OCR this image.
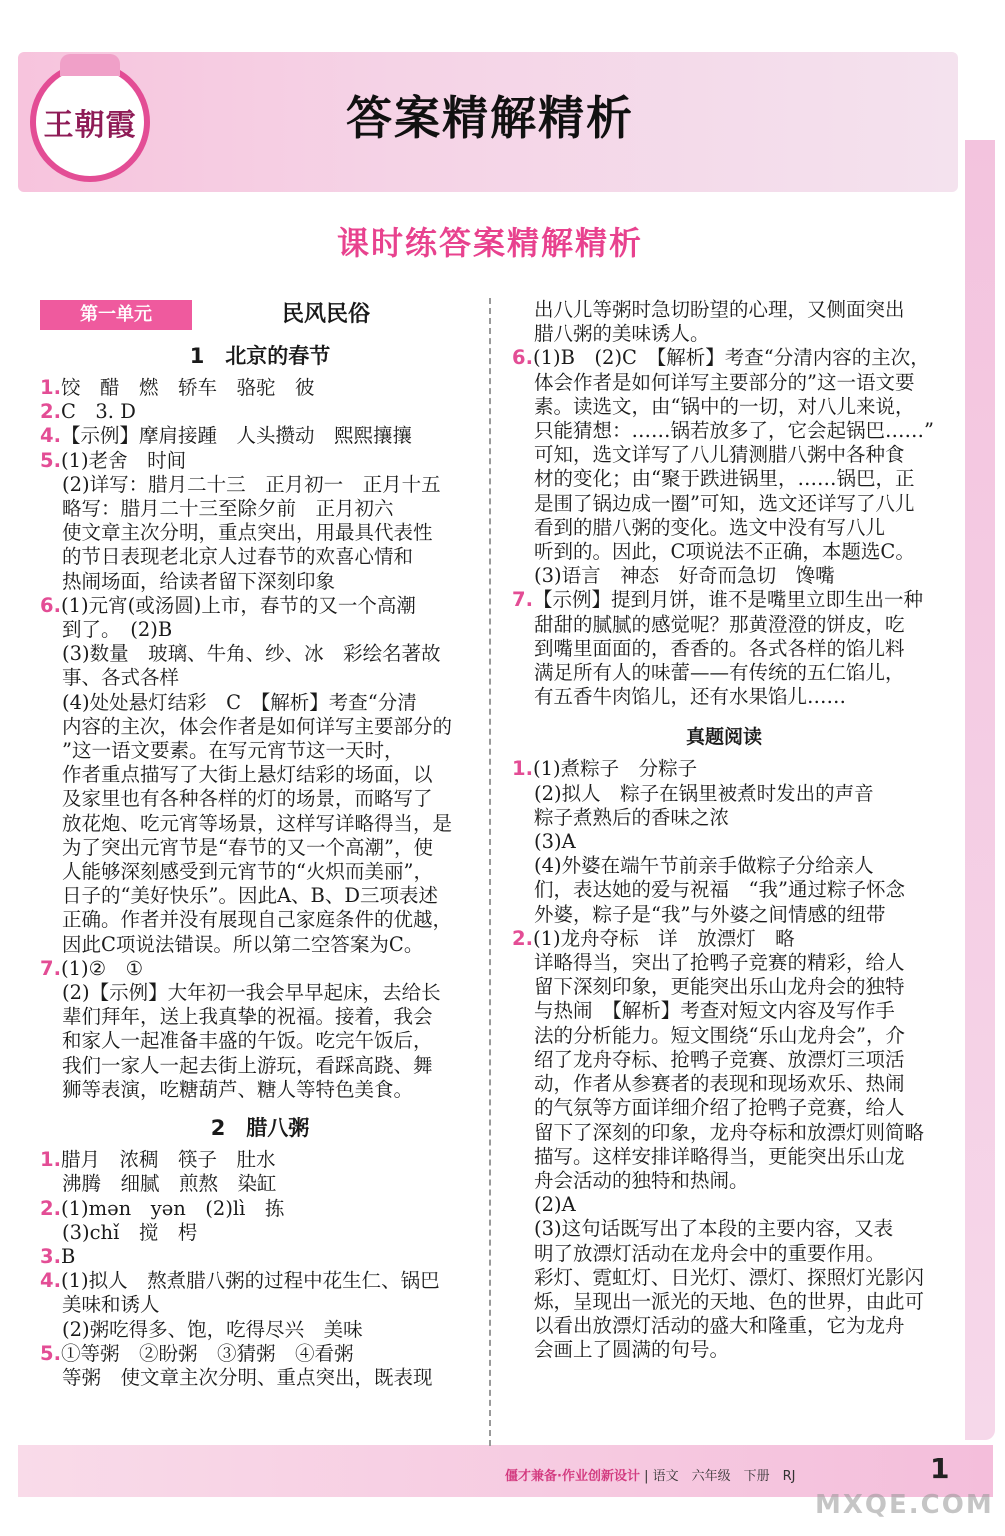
王朝霞	答案精解精析
课时练答案精解精析
第一单元	民风民俗
1　北京的春节
1.饺　醋　燃　轿车　骆驼　彼
2.C　3. D
4.【示例】摩肩接踵　人头攒动　熙熙攘攘
5.(1)老舍　时间
(2)详写：腊月二十三　正月初一　正月十五
略写：腊月二十三至除夕前　正月初六
使文章主次分明，重点突出，用最具代表性
的节日表现老北京人过春节的欢喜心情和
热闹场面，给读者留下深刻印象
6.(1)元宵(或汤圆)上市，春节的又一个高潮
到了。　(2)B
(3)数量　玻璃、牛角、纱、冰　彩绘名著故
事、各式各样
(4)处处悬灯结彩　C　【解析】考查“分清
内容的主次，体会作者是如何详写主要部分的
”这一语文要素。在写元宵节这一天时，
作者重点描写了大街上悬灯结彩的场面，以
及家里也有各种各样的灯的场景，而略写了
放花炮、吃元宵等场景，这样写详略得当，是
为了突出元宵节是“春节的又一个高潮”，使
人能够深刻感受到元宵节的“火炽而美丽”，
日子的“美好快乐”。因此A、B、D三项表述
正确。作者并没有展现自己家庭条件的优越，
因此C项说法错误。所以第二空答案为C。
7.(1)②　①
(2)【示例】大年初一我会早早起床，去给长
辈们拜年，送上我真挚的祝福。接着，我会
和家人一起准备丰盛的午饭。吃完午饭后，
我们一家人一起去街上游玩，看踩高跷、舞
狮等表演，吃糖葫芦、糖人等特色美食。
2　腊八粥
1.腊月　浓稠　筷子　肚水
沸腾　细腻　煎熬　染缸
2.(1)mən　yən　(2)lì　拣
(3)chǐ　搅　枵
3.B
4.(1)拟人　熬煮腊八粥的过程中花生仁、锅巴
美味和诱人
(2)粥吃得多、饱，吃得尽兴　美味
5.①等粥　②盼粥　③猜粥　④看粥
等粥　使文章主次分明、重点突出，既表现
出八儿等粥时急切盼望的心理，又侧面突出
腊八粥的美味诱人。
6.(1)B　(2)C　【解析】考查“分清内容的主次，
体会作者是如何详写主要部分的”这一语文要
素。读选文，由“锅中的一切，对八儿来说，
只能猜想：……锅若放多了，它会起锅巴……”
可知，选文详写了八儿猜测腊八粥中各种食
材的变化；由“聚于跌进锅里，……锅巴，正
是围了锅边成一圈”可知，选文还详写了八儿
看到的腊八粥的变化。选文中没有写八儿
听到的。因此，C项说法不正确，本题选C。
(3)语言　神态　好奇而急切　馋嘴
7.【示例】提到月饼，谁不是嘴里立即生出一种
甜甜的腻腻的感觉呢？那黄澄澄的饼皮，吃
到嘴里面面的，香香的。各式各样的馅儿料
满足所有人的味蕾——有传统的五仁馅儿，
有五香牛肉馅儿，还有水果馅儿……
真题阅读
1.(1)煮粽子　分粽子
(2)拟人　粽子在锅里被煮时发出的声音
粽子煮熟后的香味之浓
(3)A
(4)外婆在端午节前亲手做粽子分给亲人
们，表达她的爱与祝福　“我”通过粽子怀念
外婆，粽子是“我”与外婆之间情感的纽带
2.(1)龙舟夺标　详　放漂灯　略
详略得当，突出了抢鸭子竞赛的精彩，给人
留下深刻印象，更能突出乐山龙舟会的独特
与热闹　【解析】考查对短文内容及写作手
法的分析能力。短文围绕“乐山龙舟会”，介
绍了龙舟夺标、抢鸭子竞赛、放漂灯三项活
动，作者从参赛者的表现和现场欢乐、热闹
的气氛等方面详细介绍了抢鸭子竞赛，给人
留下了深刻的印象，龙舟夺标和放漂灯则简略
描写。这样安排详略得当，更能突出乐山龙
舟会活动的独特和热闹。
(2)A
(3)这句话既写出了本段的主要内容，又表
明了放漂灯活动在龙舟会中的重要作用。
彩灯、霓虹灯、日光灯、漂灯、探照灯光影闪
烁，呈现出一派光的天地、色的世界，由此可
以看出放漂灯活动的盛大和隆重，它为龙舟
会画上了圆满的句号。
僵才兼备·作业创新设计 | 语文　六年级　下册　RJ	1
MXQE.COM
